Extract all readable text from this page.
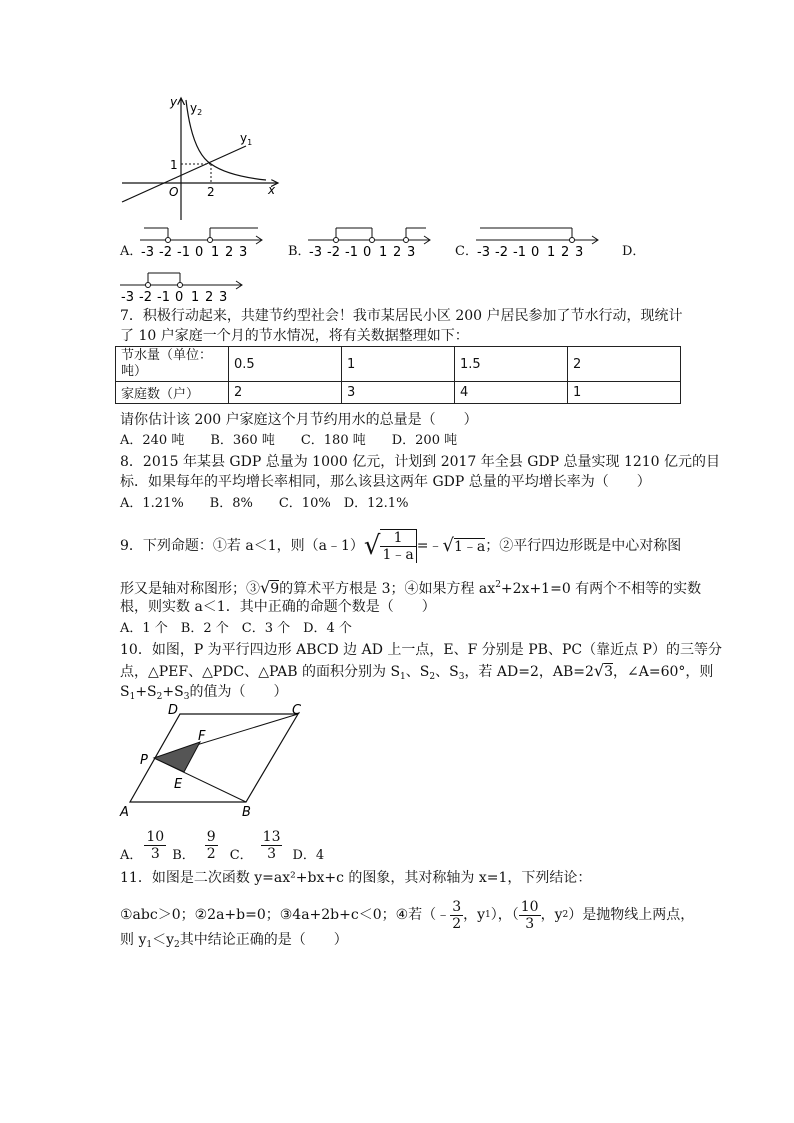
y $y_2$
$y_1$
1
2
O	x
A．	B．	C．	D．
-3 -2 -1 0 1 2 3	-3 -2 -1 0 1 2 3	-3 -2 -1 0 1 2 3
-3 -2 -1 0 1 2 3
7．积极行动起来，共建节约型社会！我市某居民小区 200 户居民参加了节水行动，现统计
了 10 户家庭一个月的节水情况，将有关数据整理如下：
节水量（单位：
吨）	0.5	1	1.5	2
家庭数（户）	2	3	4	1
请你估计该 200 户家庭这个月节约用水的总量是（　　）
A．240 吨　　B．360 吨　　C．180 吨　　D．200 吨
8．2015 年某县 GDP 总量为 1000 亿元，计划到 2017 年全县 GDP 总量实现 1210 亿元的目
标．如果每年的平均增长率相同，那么该县这两年 GDP 总量的平均增长率为（　　）
A．1.21%　　B．8%　　C．10%　D．12.1%
9．下列命题：①若 a＜1，则（a﹣1） √ $\frac{1}{1﹣a}$ =﹣ √1﹣a ；②平行四边形既是中心对称图
形又是轴对称图形；③√9的算术平方根是 3；④如果方程 $ax^2+2x+1=0$ 有两个不相等的实数
根，则实数 a＜1．其中正确的命题个数是（　　）
A．1 个　B．2 个　C．3 个　D．4 个
10．如图，P 为平行四边形 ABCD 边 AD 上一点，E、F 分别是 PB、PC（靠近点 P）的三等分
点，△PEF、△PDC、△PAB 的面积分别为 $S_1$、$S_2$、$S_3$，若 AD=2，AB=2√3，∠A=60°，则
$S_1+S_2+S_3$的值为（　　）
D	C
P
F
E
A	B
A． $\frac{10}{3}$ B． $\frac{9}{2}$ C． $\frac{13}{3}$ D．4
11．如图是二次函数 y=ax²+bx+c 的图象，其对称轴为 x=1，下列结论：
①abc＞0；②2a+b=0；③4a+2b+c＜0；④若（﹣ $\frac{3}{2}$ ，y 1 ），（ $\frac{10}{3}$ ，y 2 ）是抛物线上两点，
则 $y_1<y_2$其中结论正确的是（　　）
